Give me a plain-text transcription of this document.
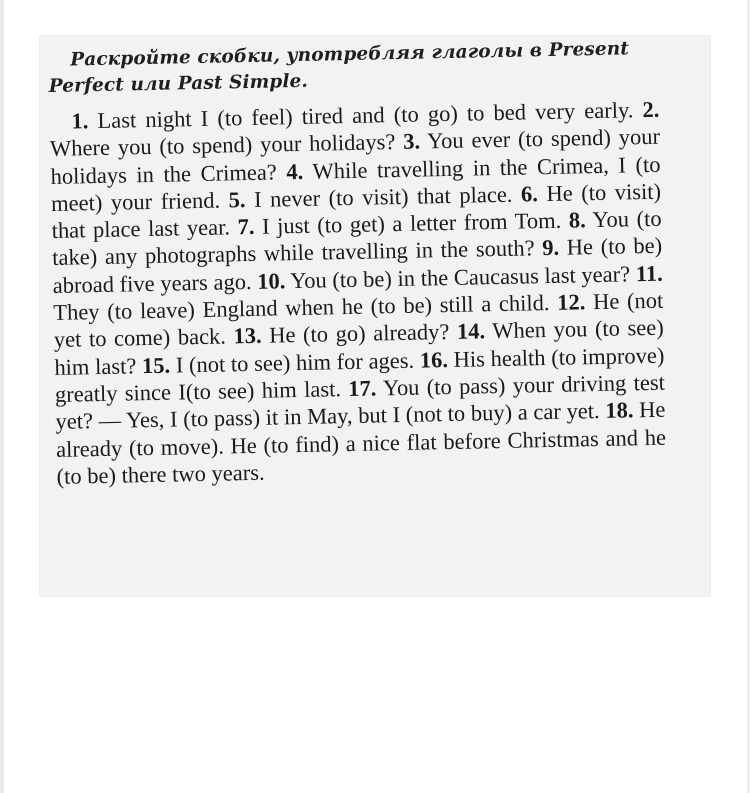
Раскройте скобки, употребляя глаголы в Present Perfect или Past Simple.

1. Last night I (to feel) tired and (to go) to bed very early. 2. Where you (to spend) your holidays? 3. You ever (to spend) your holidays in the Crimea? 4. While travelling in the Crimea, I (to meet) your friend. 5. I never (to visit) that place. 6. He (to visit) that place last year. 7. I just (to get) a letter from Tom. 8. You (to take) any photographs while travelling in the south? 9. He (to be) abroad five years ago. 10. You (to be) in the Caucasus last year? 11. They (to leave) England when he (to be) still a child. 12. He (not yet to come) back. 13. He (to go) already? 14. When you (to see) him last? 15. I (not to see) him for ages. 16. His health (to improve) greatly since I(to see) him last. 17. You (to pass) your driving test yet? — Yes, I (to pass) it in May, but I (not to buy) a car yet. 18. He already (to move). He (to find) a nice flat before Christmas and he (to be) there two years.
